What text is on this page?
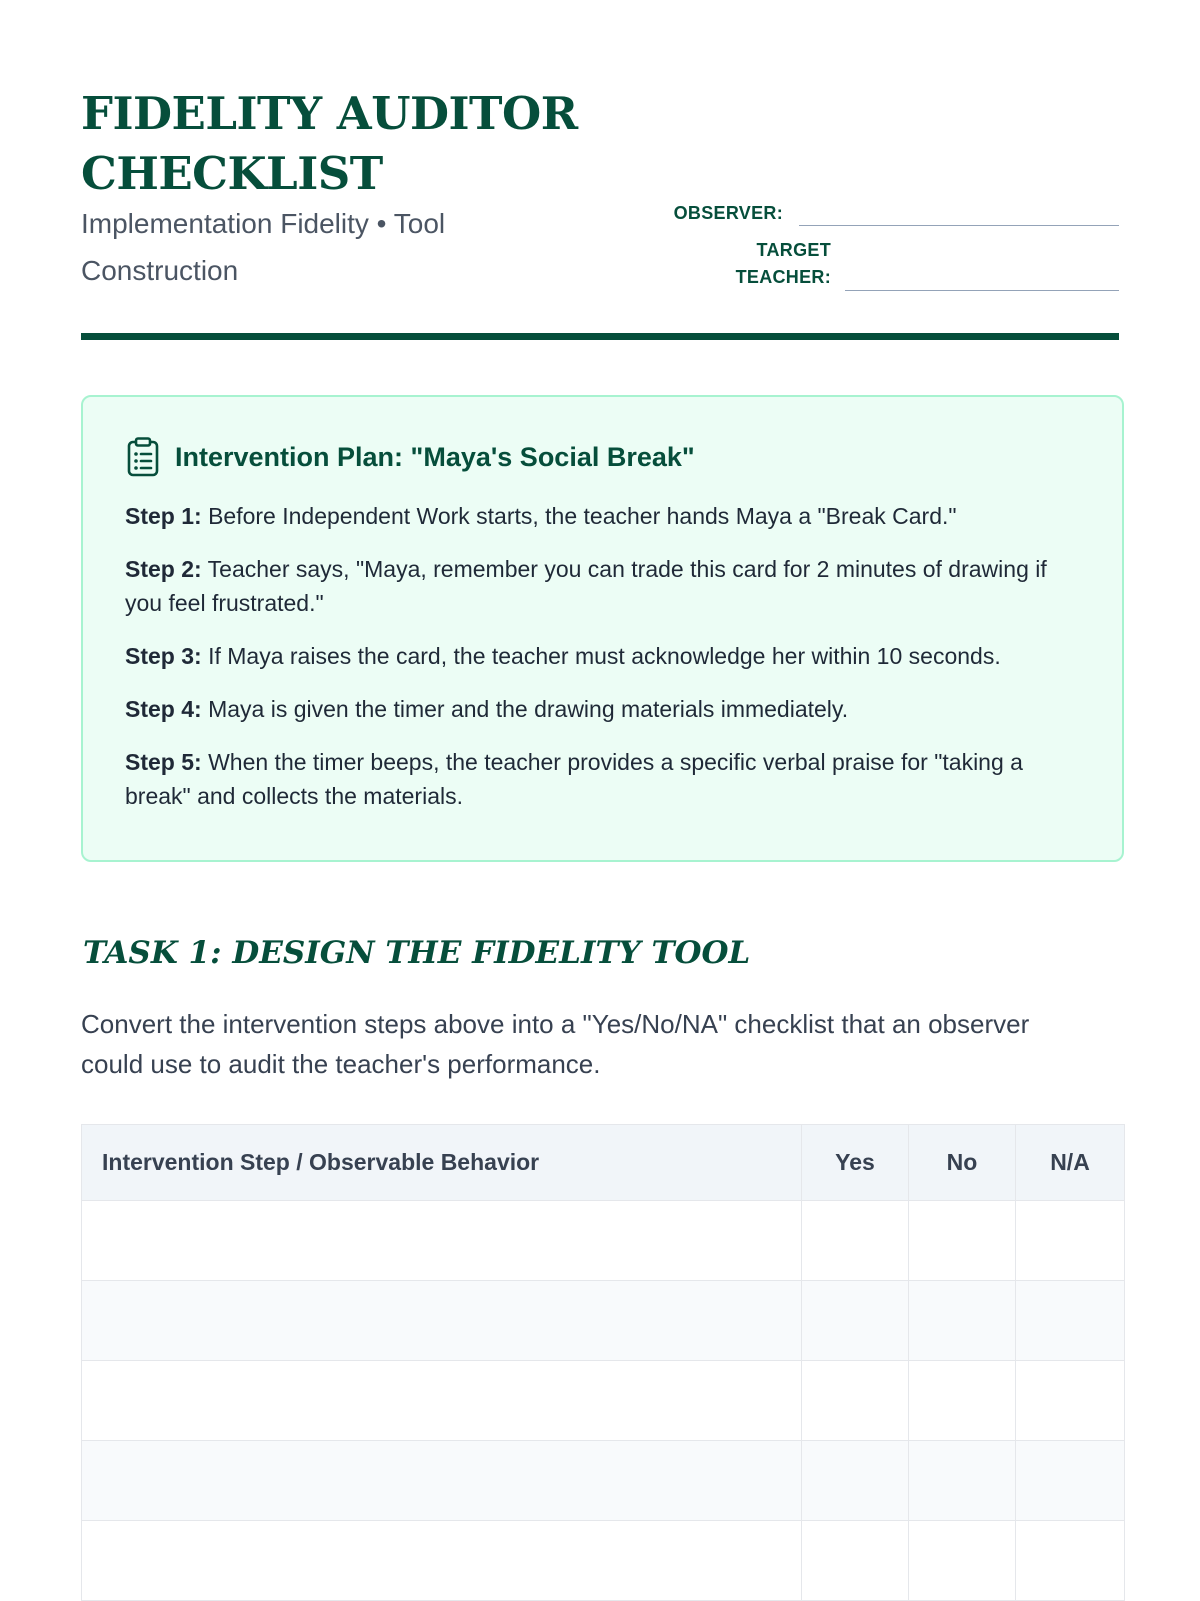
FIDELITY AUDITOR CHECKLIST
Implementation Fidelity • Tool Construction
OBSERVER:
TARGET TEACHER:
Intervention Plan: "Maya's Social Break"

Step 1: Before Independent Work starts, the teacher hands Maya a "Break Card."

Step 2: Teacher says, "Maya, remember you can trade this card for 2 minutes of drawing if you feel frustrated."

Step 3: If Maya raises the card, the teacher must acknowledge her within 10 seconds.

Step 4: Maya is given the timer and the drawing materials immediately.

Step 5: When the timer beeps, the teacher provides a specific verbal praise for "taking a break" and collects the materials.

TASK 1: DESIGN THE FIDELITY TOOL

Convert the intervention steps above into a "Yes/No/NA" checklist that an observer could use to audit the teacher's performance.

Intervention Step / Observable Behavior	Yes	No	N/A
